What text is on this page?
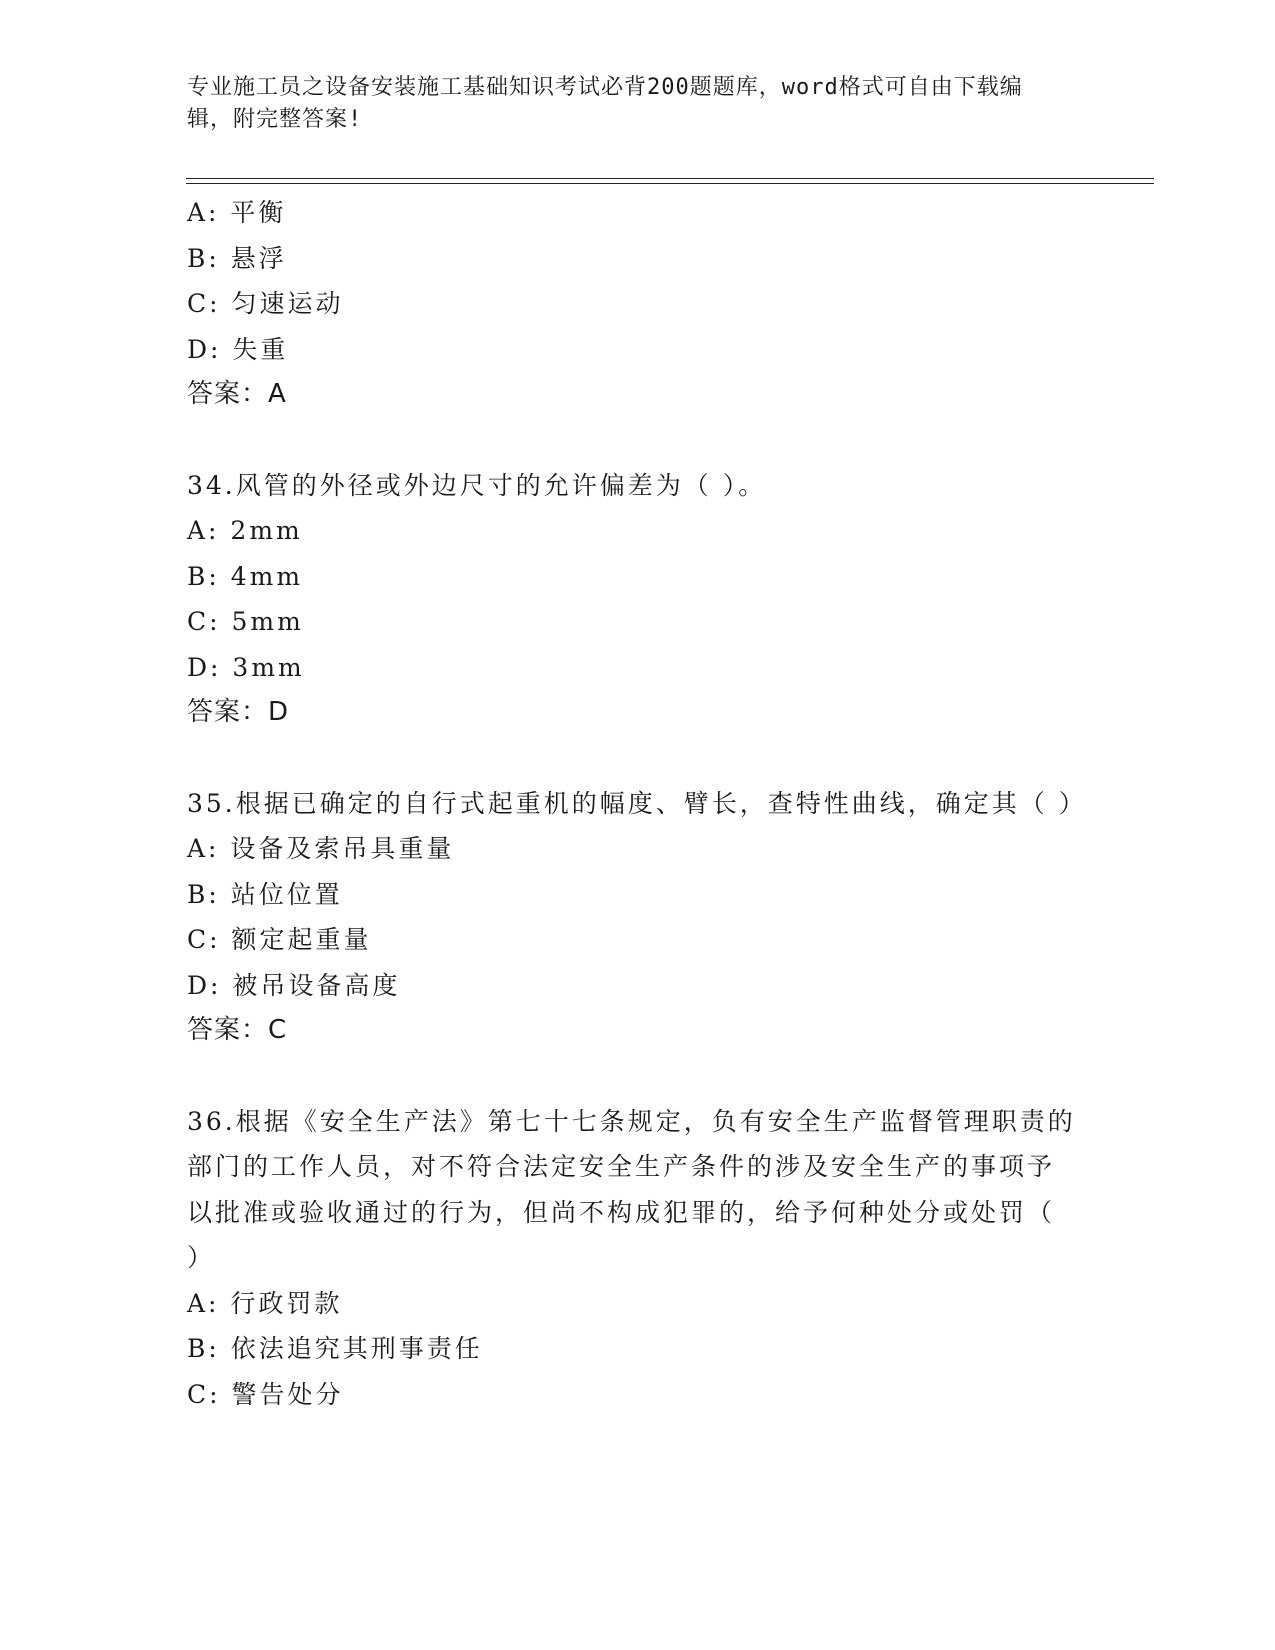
专业施工员之设备安装施工基础知识考试必背200题题库，word格式可自由下载编辑，附完整答案!
A: 平衡
B: 悬浮
C: 匀速运动
D: 失重
答案：A
34.风管的外径或外边尺寸的允许偏差为（ ）。
A: 2mm
B: 4mm
C: 5mm
D: 3mm
答案：D
35.根据已确定的自行式起重机的幅度、臂长，查特性曲线，确定其（ ）
A: 设备及索吊具重量
B: 站位位置
C: 额定起重量
D: 被吊设备高度
答案：C
36.根据《安全生产法》第七十七条规定，负有安全生产监督管理职责的部门的工作人员，对不符合法定安全生产条件的涉及安全生产的事项予以批准或验收通过的行为，但尚不构成犯罪的，给予何种处分或处罚（ ）
A: 行政罚款
B: 依法追究其刑事责任
C: 警告处分
